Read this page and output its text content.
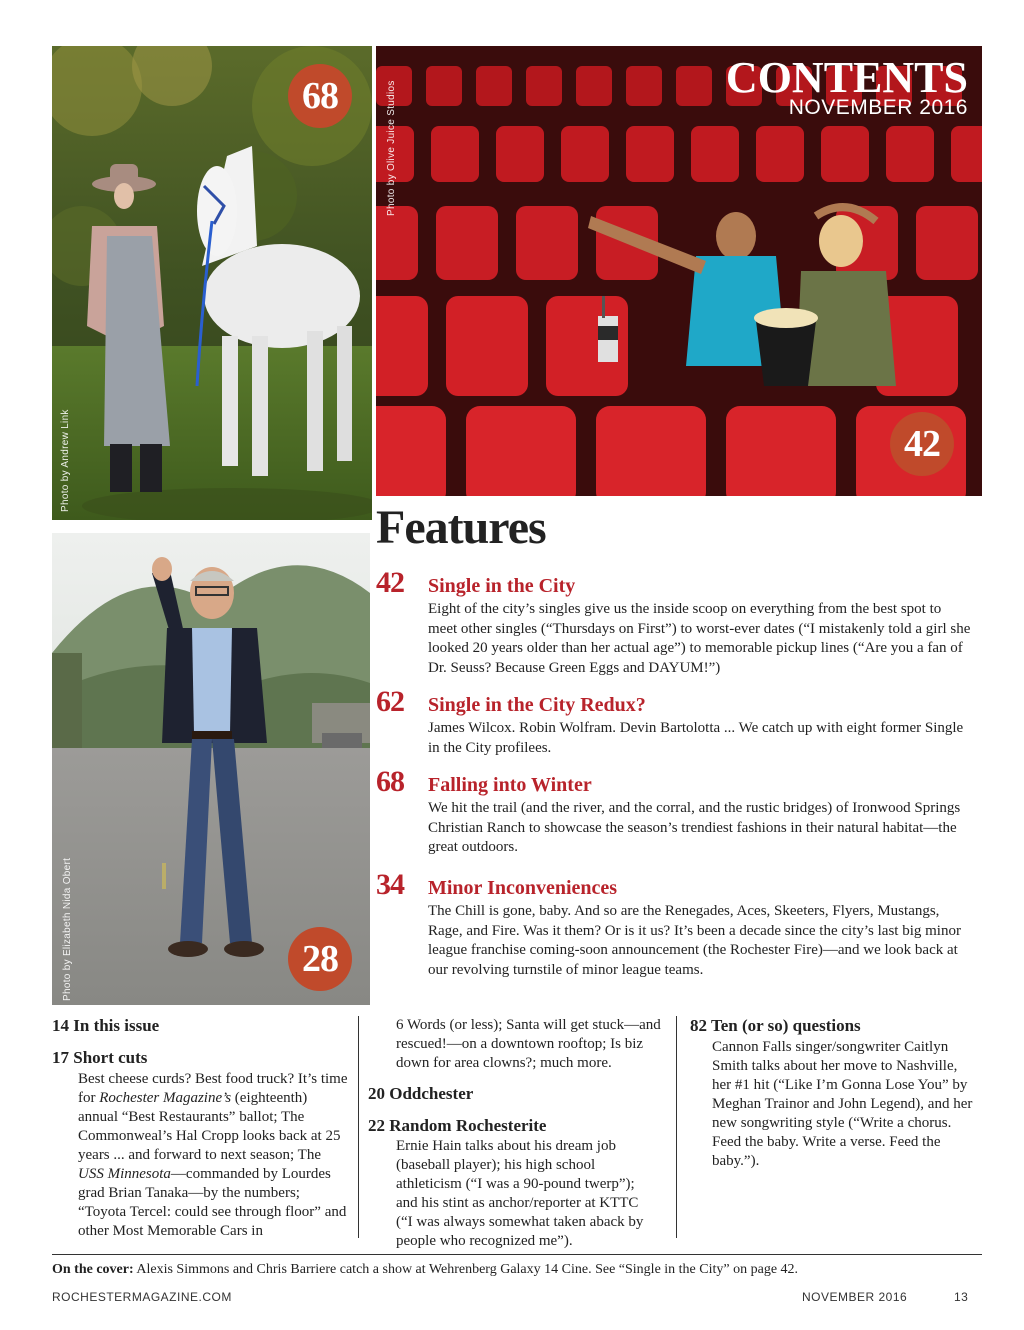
Photo by Andrew Link
68	Photo by Olive Juice Studios
CONTENTS
NOVEMBER 2016
42
Photo by Elizabeth Nida Obert	28
Features
42	Single in the City
Eight of the city’s singles give us the inside scoop on everything from the best spot to meet other singles (“Thursdays on First”) to worst-ever dates (“I mistakenly told a girl she looked 20 years older than her actual age”) to memorable pickup lines (“Are you a fan of Dr. Seuss? Because Green Eggs and DAYUM!”)
62	Single in the City Redux?
James Wilcox. Robin Wolfram. Devin Bartolotta ... We catch up with eight former Single in the City profilees.
68	Falling into Winter
We hit the trail (and the river, and the corral, and the rustic bridges) of Ironwood Springs Christian Ranch to showcase the season’s trendiest fashions in their natural habitat—the great outdoors.
34	Minor Inconveniences
The Chill is gone, baby. And so are the Renegades, Aces, Skeeters, Flyers, Mustangs, Rage, and Fire. Was it them? Or is it us? It’s been a decade since the city’s last big minor league franchise coming-soon announcement (the Rochester Fire)—and we look back at our revolving turnstile of minor league teams.
14 In this issue
17 Short cuts
Best cheese curds? Best food truck? It’s time for Rochester Magazine’s (eighteenth) annual “Best Restaurants” ballot; The Commonweal’s Hal Cropp looks back at 25 years ... and forward to next season; The USS Minnesota—commanded by Lourdes grad Brian Tanaka—by the numbers; “Toyota Tercel: could see through floor” and other Most Memorable Cars in
6 Words (or less); Santa will get stuck—and rescued!—on a downtown rooftop; Is biz down for area clowns?; much more.
20 Oddchester
22 Random Rochesterite
Ernie Hain talks about his dream job (baseball player); his high school athleticism (“I was a 90-pound twerp”); and his stint as anchor/reporter at KTTC (“I was always somewhat taken aback by people who recognized me”).
82 Ten (or so) questions
Cannon Falls singer/songwriter Caitlyn Smith talks about her move to Nashville, her #1 hit (“Like I’m Gonna Lose You” by Meghan Trainor and John Legend), and her new songwriting style (“Write a chorus. Feed the baby. Write a verse. Feed the baby.”).
On the cover: Alexis Simmons and Chris Barriere catch a show at Wehrenberg Galaxy 14 Cine. See “Single in the City” on page 42.
ROCHESTERMAGAZINE.COM	NOVEMBER 2016	13
